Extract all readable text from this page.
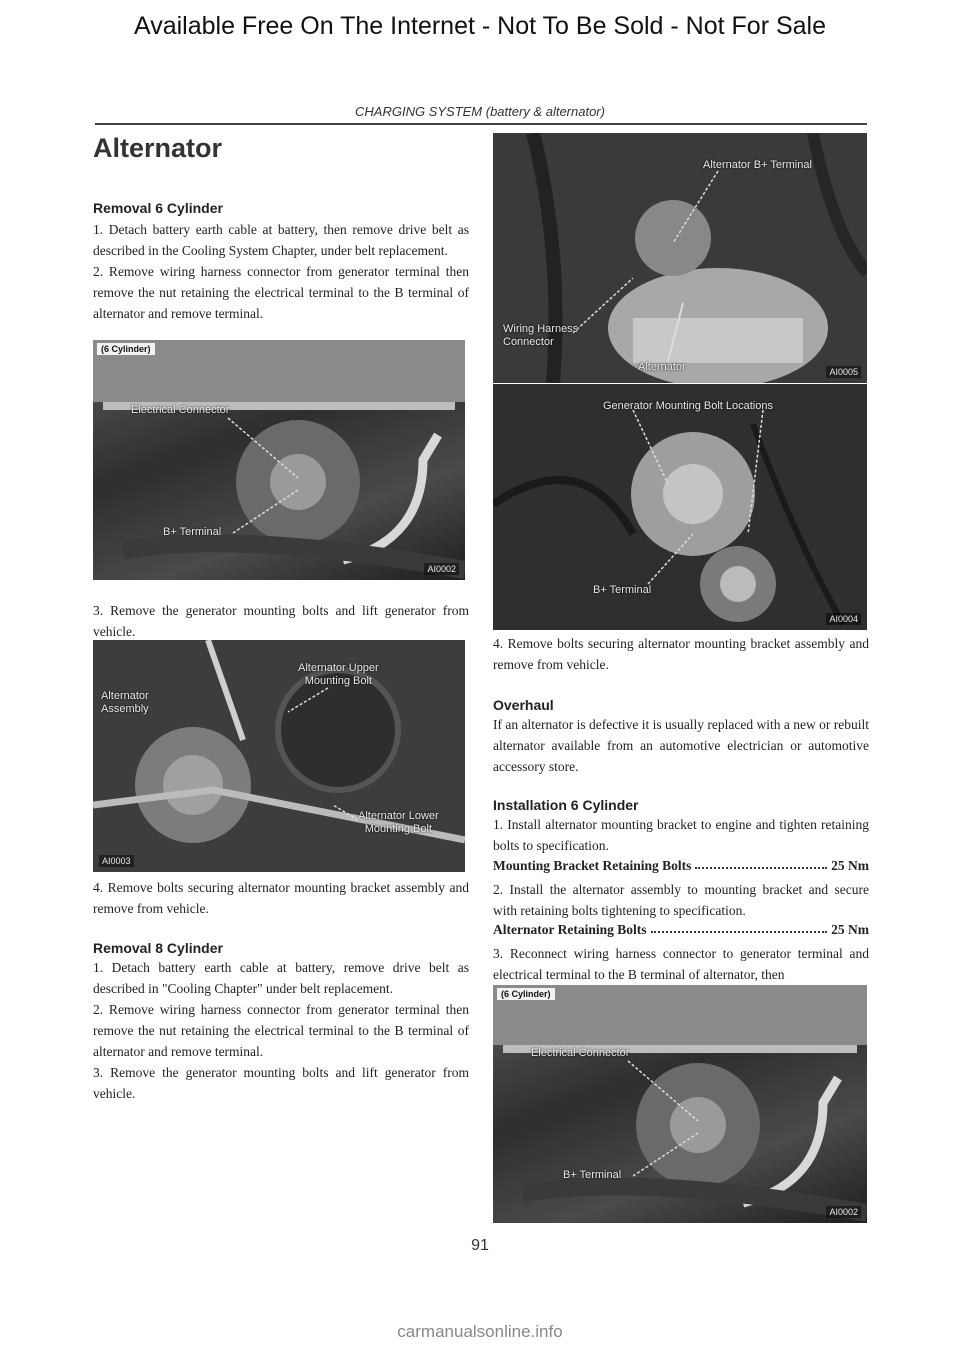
Available Free On The Internet - Not To Be Sold - Not For Sale
CHARGING SYSTEM (battery & alternator)
Alternator
Removal 6 Cylinder

1. Detach battery earth cable at battery, then remove drive belt as described in the Cooling System Chapter, under belt replacement.

2. Remove wiring harness connector from generator terminal then remove the nut retaining the electrical terminal to the B terminal of alternator and remove terminal.

(6 Cylinder)
Electrical Connector
B+ Terminal
AI0002
3. Remove the generator mounting bolts and lift generator from vehicle.
Alternator Upper
Mounting Bolt
Alternator
Assembly
Alternator Lower
Mounting Bolt
AI0003
4. Remove bolts securing alternator mounting bracket assembly and remove from vehicle.
Removal 8 Cylinder

1. Detach battery earth cable at battery, remove drive belt as described in "Cooling Chapter" under belt replacement.

2. Remove wiring harness connector from generator terminal then remove the nut retaining the electrical terminal to the B terminal of alternator and remove terminal.

3. Remove the generator mounting bolts and lift generator from vehicle.

Alternator B+ Terminal
Wiring Harness
Connector
Alternator	AI0005
Generator Mounting Bolt Locations
B+ Terminal
AI0004
4. Remove bolts securing alternator mounting bracket assembly and remove from vehicle.
Overhaul
If an alternator is defective it is usually replaced with a new or rebuilt alternator available from an automotive electrician or automotive accessory store.
Installation 6 Cylinder
1. Install alternator mounting bracket to engine and tighten retaining bolts to specification.
Mounting Bracket Retaining Bolts	25 Nm
2. Install the alternator assembly to mounting bracket and secure with retaining bolts tightening to specification.
Alternator Retaining Bolts	25 Nm
3. Reconnect wiring harness connector to generator terminal and electrical terminal to the B terminal of alternator, then
(6 Cylinder)
Electrical Connector
B+ Terminal
AI0002
91
carmanualsonline.info
